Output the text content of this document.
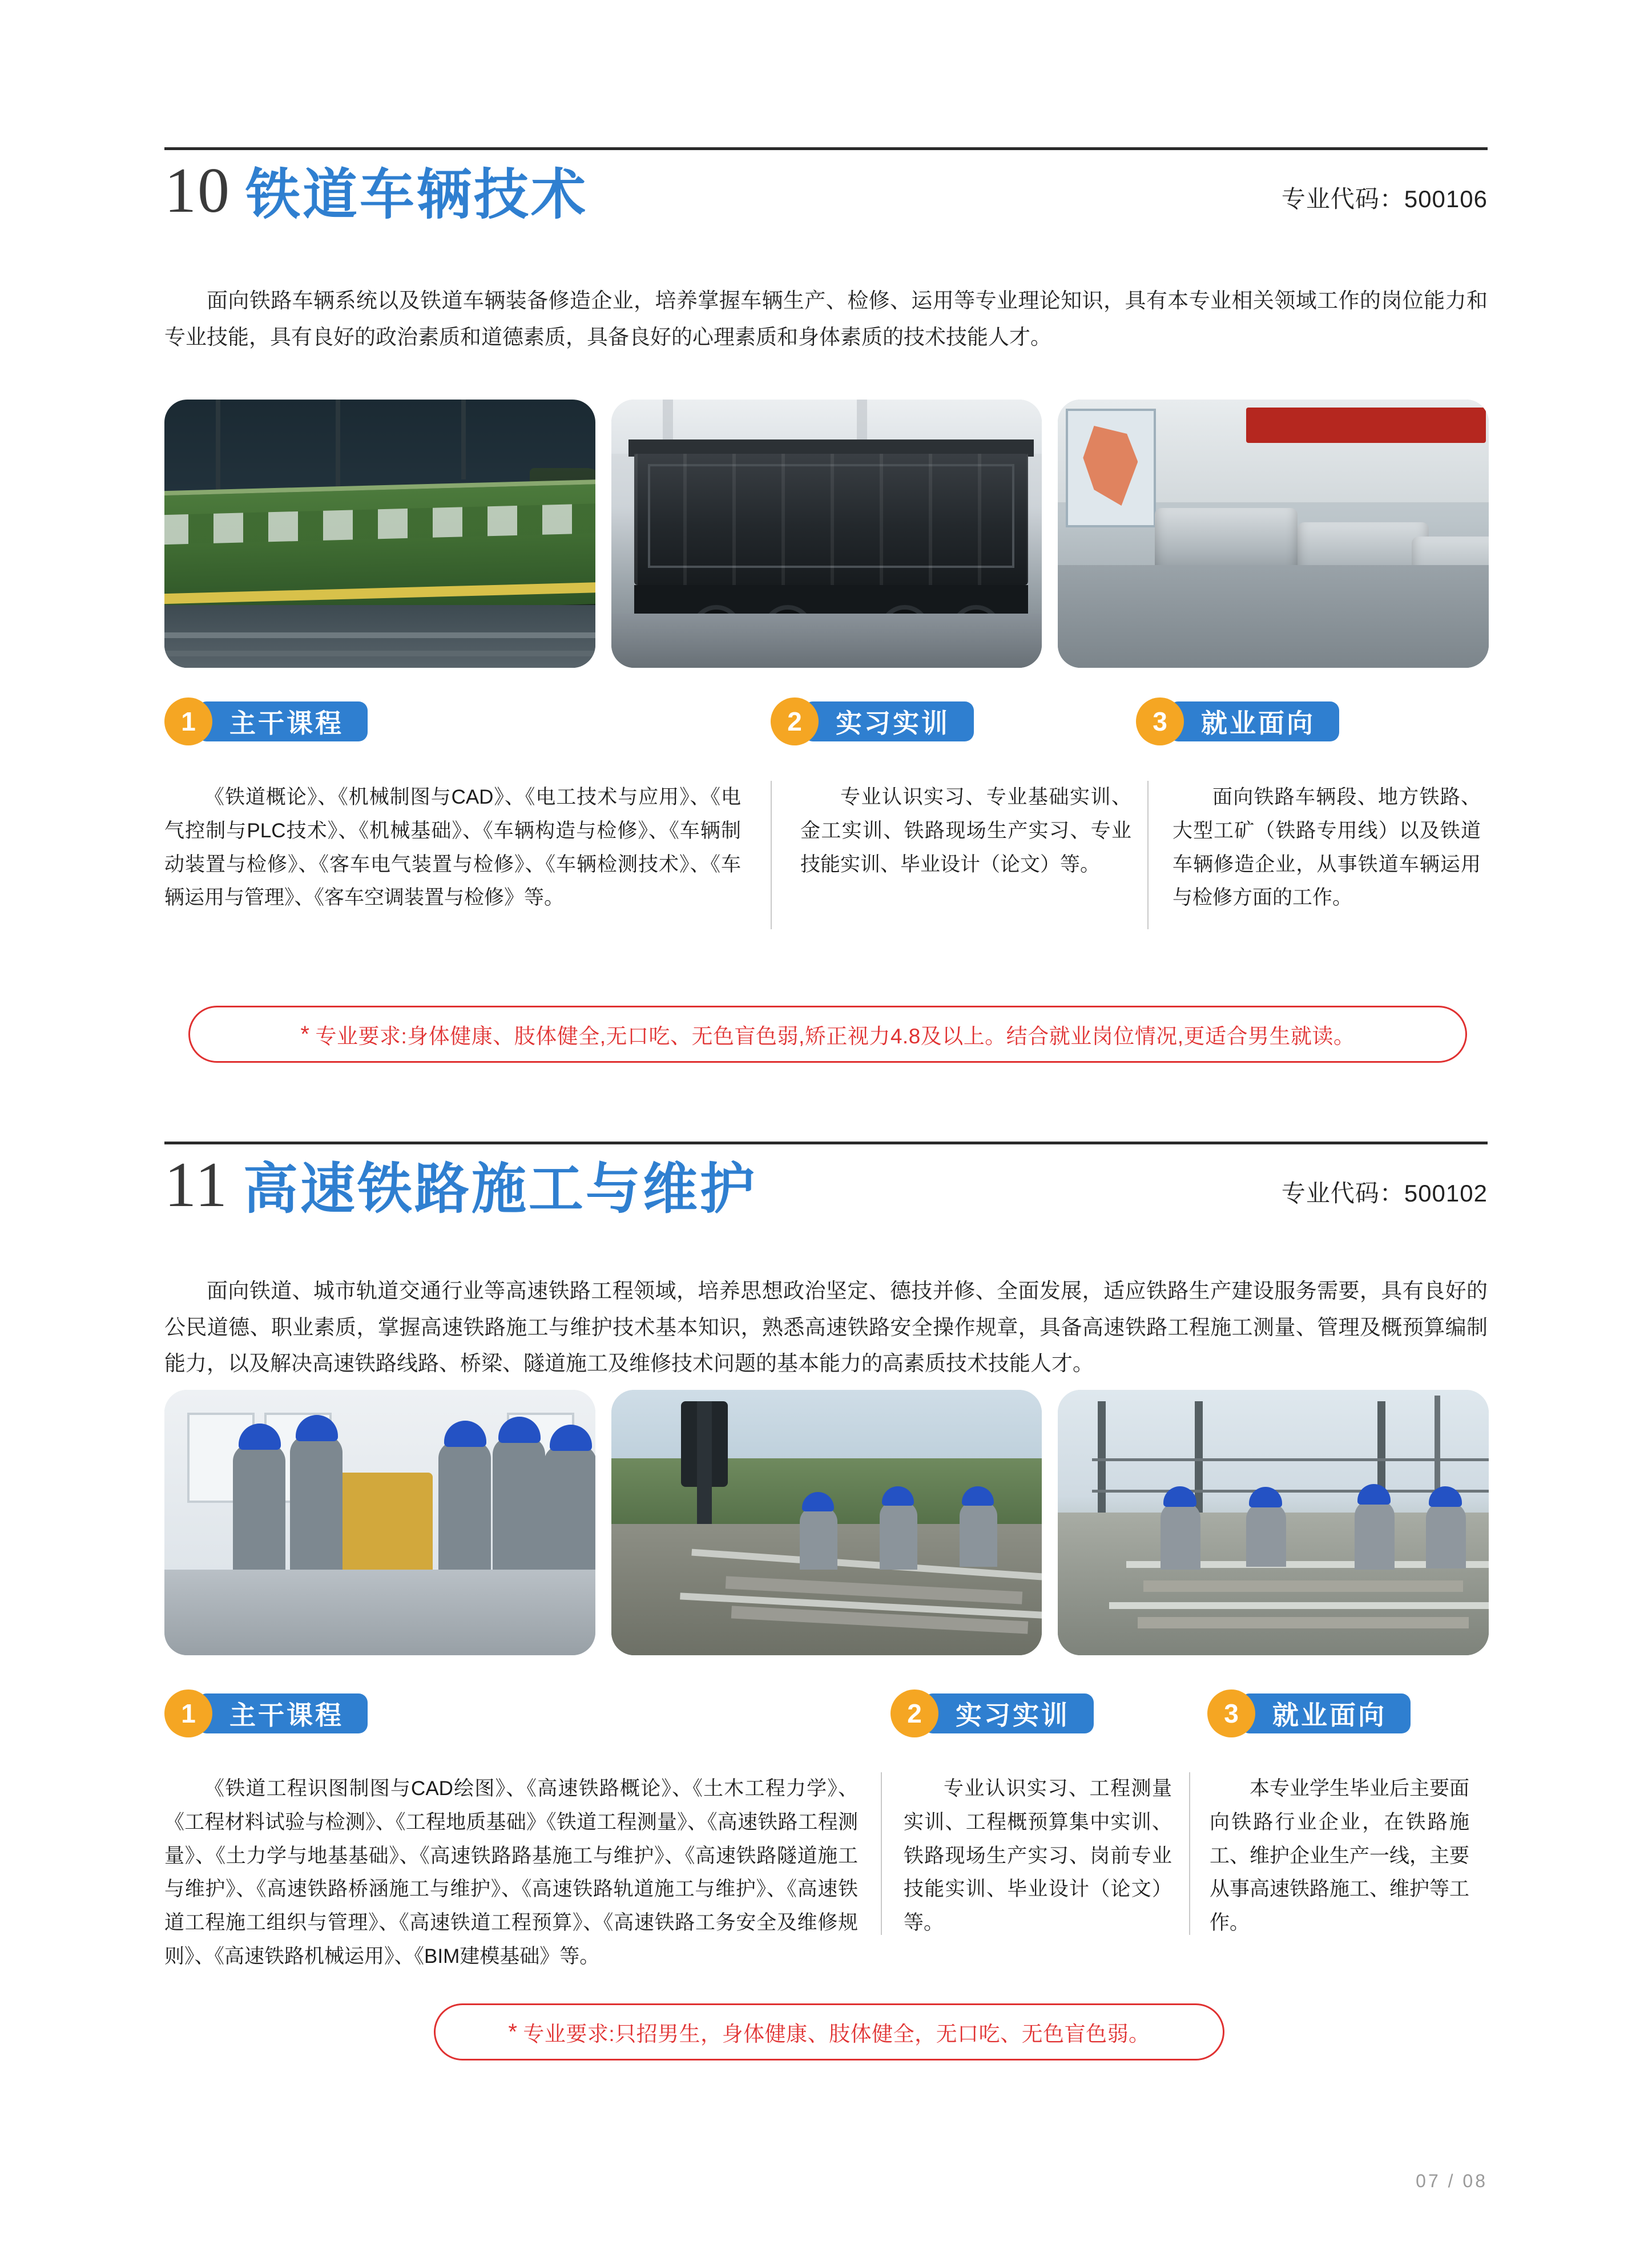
10 铁道车辆技术	专业代码：500106
面向铁路车辆系统以及铁道车辆装备修造企业，培养掌握车辆生产、检修、运用等专业理论知识，具有本专业相关领域工作的岗位能力和专业技能，具有良好的政治素质和道德素质，具备良好的心理素质和身体素质的技术技能人才。
1	主干课程	2	实习实训	3	就业面向
《铁道概论》、《机械制图与CAD》、《电工技术与应用》、《电气控制与PLC技术》、《机械基础》、《车辆构造与检修》、《车辆制动装置与检修》、《客车电气装置与检修》、《车辆检测技术》、《车辆运用与管理》、《客车空调装置与检修》等。
专业认识实习、专业基础实训、金工实训、铁路现场生产实习、专业技能实训、毕业设计（论文）等。
面向铁路车辆段、地方铁路、大型工矿（铁路专用线）以及铁道车辆修造企业，从事铁道车辆运用与检修方面的工作。
* 专业要求:身体健康、肢体健全,无口吃、无色盲色弱,矫正视力4.8及以上。结合就业岗位情况,更适合男生就读。
11 高速铁路施工与维护	专业代码：500102
面向铁道、城市轨道交通行业等高速铁路工程领域，培养思想政治坚定、德技并修、全面发展，适应铁路生产建设服务需要，具有良好的公民道德、职业素质，掌握高速铁路施工与维护技术基本知识，熟悉高速铁路安全操作规章，具备高速铁路工程施工测量、管理及概预算编制能力，以及解决高速铁路线路、桥梁、隧道施工及维修技术问题的基本能力的高素质技术技能人才。
1	主干课程	2	实习实训	3	就业面向
《铁道工程识图制图与CAD绘图》、《高速铁路概论》、《土木工程力学》、《工程材料试验与检测》、《工程地质基础》《铁道工程测量》、《高速铁路工程测量》、《土力学与地基基础》、《高速铁路路基施工与维护》、《高速铁路隧道施工与维护》、《高速铁路桥涵施工与维护》、《高速铁路轨道施工与维护》、《高速铁道工程施工组织与管理》、《高速铁道工程预算》、《高速铁路工务安全及维修规则》、《高速铁路机械运用》、《BIM建模基础》等。
专业认识实习、工程测量实训、工程概预算集中实训、铁路现场生产实习、岗前专业技能实训、毕业设计（论文）等。
本专业学生毕业后主要面向铁路行业企业，在铁路施工、维护企业生产一线，主要从事高速铁路施工、维护等工作。
* 专业要求:只招男生，身体健康、肢体健全，无口吃、无色盲色弱。
07 / 08
